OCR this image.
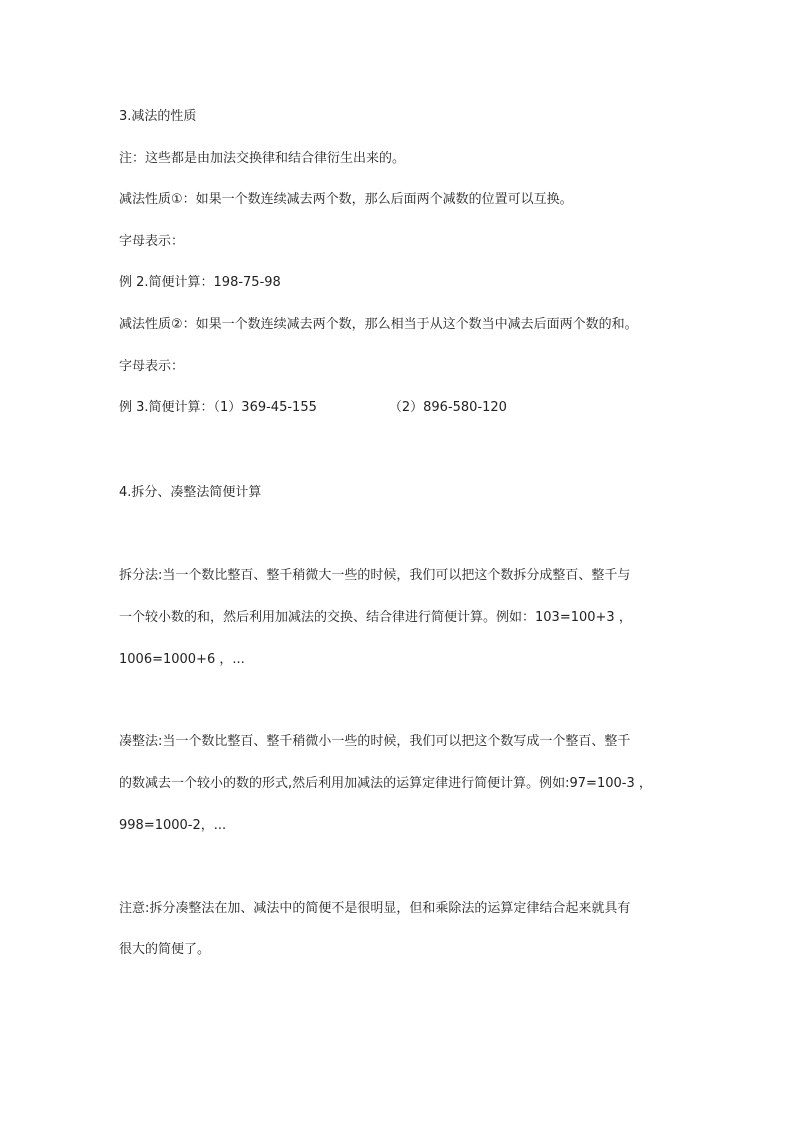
3.减法的性质
注：这些都是由加法交换律和结合律衍生出来的。
减法性质①：如果一个数连续减去两个数，那么后面两个减数的位置可以互换。
字母表示：
例 2.简便计算：198-75-98
减法性质②：如果一个数连续减去两个数，那么相当于从这个数当中减去后面两个数的和。
字母表示：
例 3.简便计算：（1）369-45-155	（2）896-580-120
4.拆分、凑整法简便计算
拆分法:当一个数比整百、整千稍微大一些的时候，我们可以把这个数拆分成整百、整千与
一个较小数的和，然后利用加减法的交换、结合律进行简便计算。例如：103=100+3 ，
1006=1000+6 ，...
凑整法:当一个数比整百、整千稍微小一些的时候，我们可以把这个数写成一个整百、整千
的数减去一个较小的数的形式,然后利用加减法的运算定律进行简便计算。例如:97=100-3 ，
998=1000-2，...
注意:拆分凑整法在加、减法中的简便不是很明显，但和乘除法的运算定律结合起来就具有
很大的简便了。
